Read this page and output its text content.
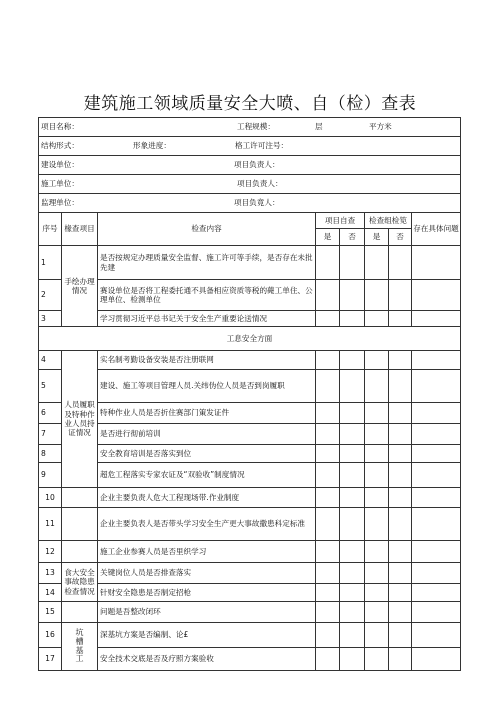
建筑施工领域质量安全大喷、自（检）查表
项目名称： 工程规模： 层 平方米							

结构形式： 形象进度： 格工许可注号：							

建设单位： 项目负责人：							

施工单位： 项目负责人：							

监理单位： 项目负竟人：							

序号	椽查项目	检查内容	项目自查		检查组检笕		存在具体问题
			是	否	是	否	
1	手绘办理情况	是否按规定办理质量安全监督、施工许可等手续，是否存在未批先建					
2		赛设单位是否将工程委托通不具备相应资质等税的薨工单住、公理单位、检测单位					
3		学习贯彻习近平总书记关于安全生产重要论送情况					
工息安全方面							
4	人员履职及特种作业人员持证情况	实名制考勤设备安装是否注册联网					
5		建设、施工等项目管理人员.关纬伪位人员是否到岗履职					
6		特种作业人员是否折住赛部门策发证件					
7		是否进行彻前培训					
8		安全教育培训是否落实到位					
9		超危工程落实专家农证及“双验收”制度情况					
10		企业主要负责人危大工程现场带.作业制度					
11		企业主要负表人是否带头学习安全生产更大事故撒患科定标准					
12		施工企业参赛人员是否里织学习					
13	食大安全事故隐患检查情况	关键岗位人员是否排查落实					
14		针财安全隐患是否制定招枪					
15		问题是吾整改闭环					
16	坑槽基工	深基坑方案是否编制、论£					
17		安全技术交底是否及疗照方案验收					
